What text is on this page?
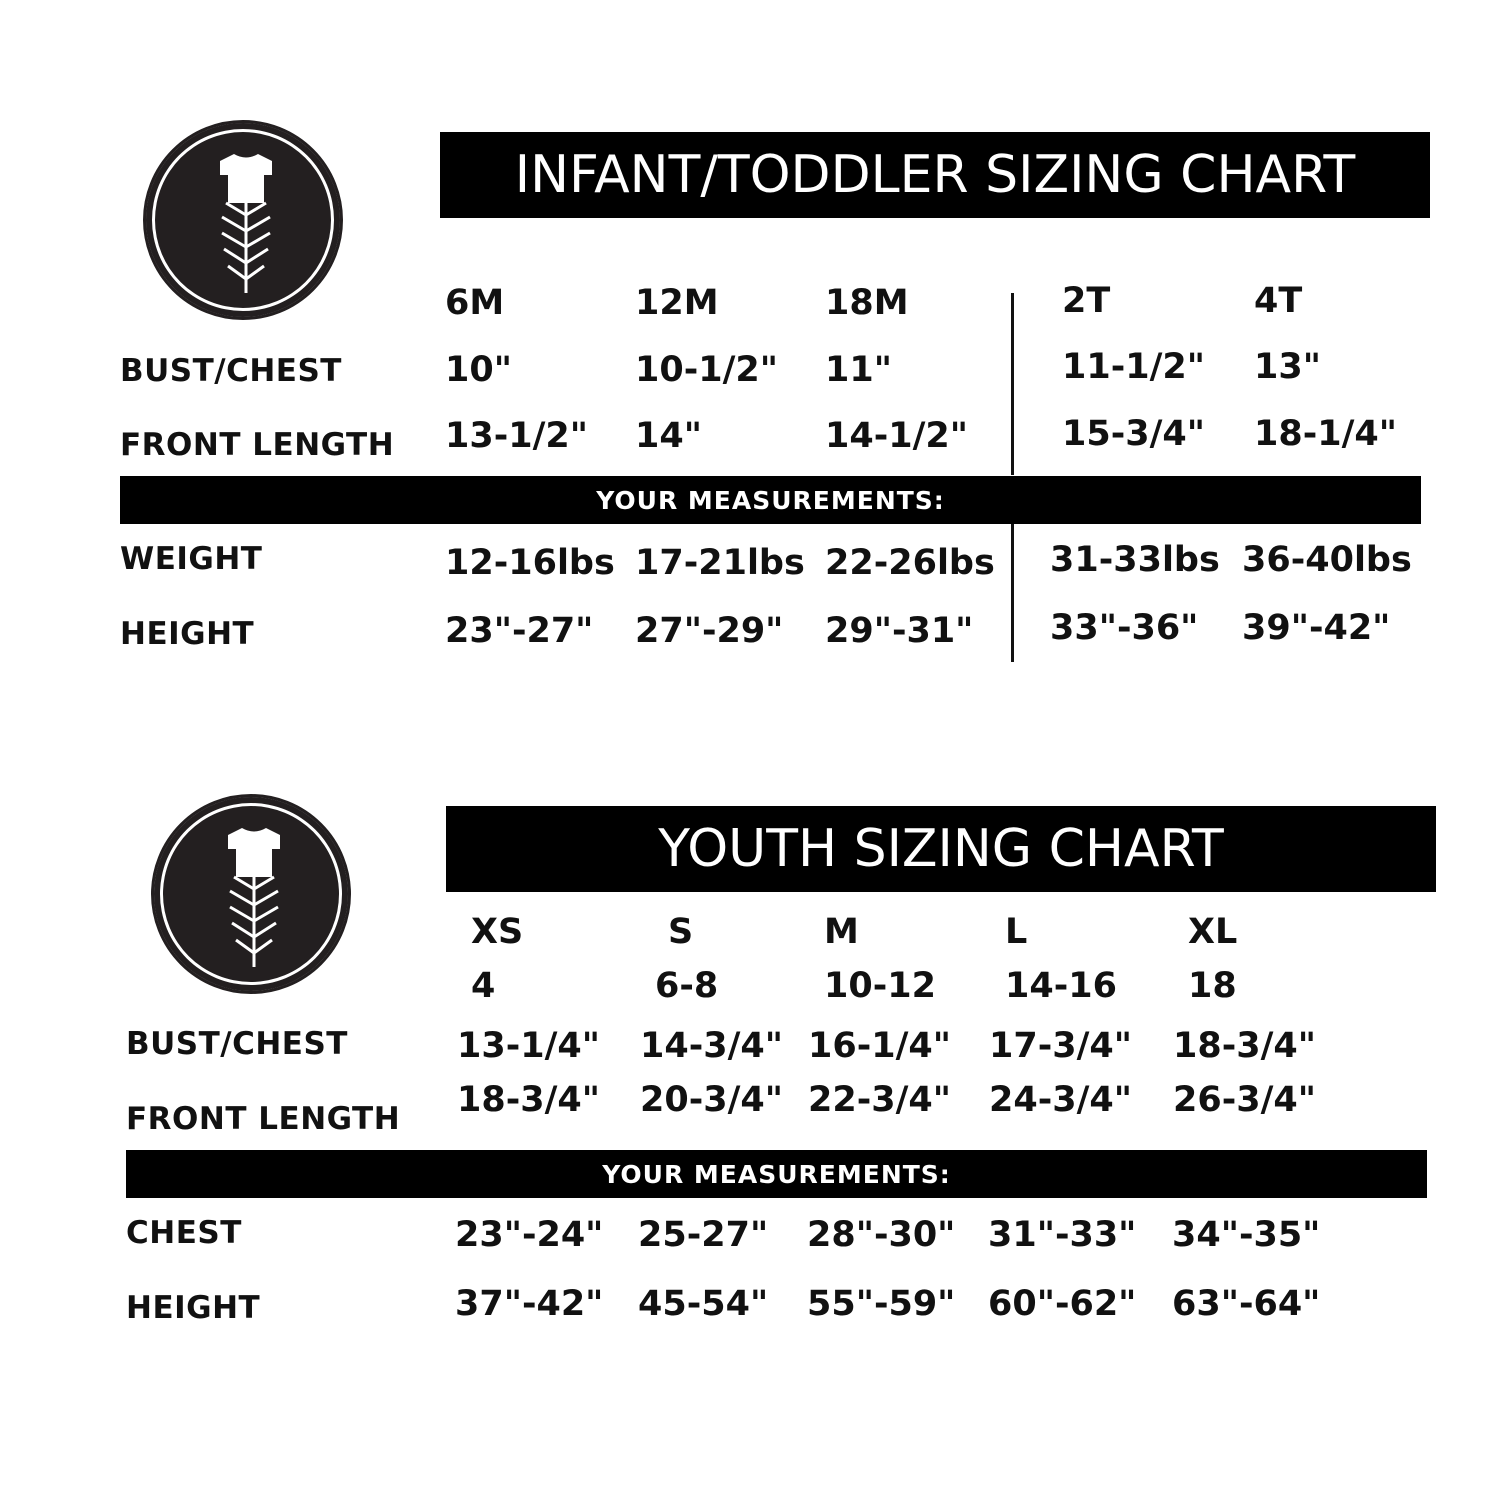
INFANT/TODDLER SIZING CHART
6M	12M	18M	2T	4T
BUST/CHEST	10"	10-1/2" 11"	11-1/2" 13"
FRONT LENGTH 13-1/2" 14"	14-1/2"	15-3/4" 18-1/4"
YOUR MEASUREMENTS:
WEIGHT	12-16lbs 17-21lbs 22-26lbs 31-33lbs 36-40lbs
HEIGHT	23"-27" 27"-29" 29"-31" 33"-36" 39"-42"
YOUTH SIZING CHART
XS	S	M	L	XL
4	6-8	10-12 14-16 18
BUST/CHEST	13-1/4" 14-3/4" 16-1/4" 17-3/4" 18-3/4"
FRONT LENGTH 18-3/4" 20-3/4" 22-3/4" 24-3/4" 26-3/4"
YOUR MEASUREMENTS:
CHEST	23"-24" 25-27" 28"-30" 31"-33" 34"-35"
HEIGHT	37"-42" 45-54" 55"-59" 60"-62" 63"-64"
